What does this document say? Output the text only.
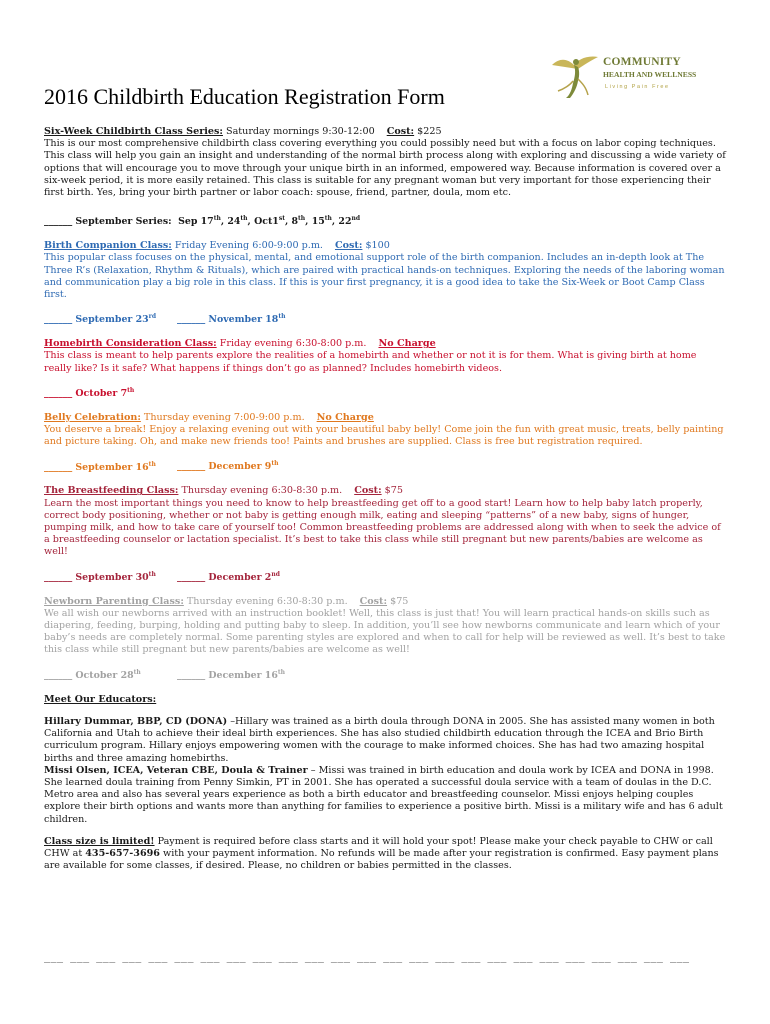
COMMUNITY
HEALTH AND WELLNESS
Living Pain Free
2016 Childbirth Education Registration Form

Six-Week Childbirth Class Series: Saturday mornings 9:30-12:00 Cost: $225

This is our most comprehensive childbirth class covering everything you could possibly need but with a focus on labor coping techniques. This class will help you gain an insight and understanding of the normal birth process along with exploring and discussing a wide variety of options that will encourage you to move through your unique birth in an informed, empowered way. Because information is covered over a six-week period, it is more easily retained. This class is suitable for any pregnant woman but very important for those experiencing their first birth. Yes, bring your birth partner or labor coach: spouse, friend, partner, doula, mom etc.

______ September Series:  Sep 17th, 24th, Oct1st, 8th, 15th, 22nd

Birth Companion Class: Friday Evening 6:00-9:00 p.m. Cost: $100

This popular class focuses on the physical, mental, and emotional support role of the birth companion. Includes an in-depth look at The Three R’s (Relaxation, Rhythm & Rituals), which are paired with practical hands-on techniques. Exploring the needs of the laboring woman and communication play a big role in this class. If this is your first pregnancy, it is a good idea to take the Six-Week or Boot Camp Class first.

______ September 23rd ______ November 18th

Homebirth Consideration Class: Friday evening 6:30-8:00 p.m. No Charge

This class is meant to help parents explore the realities of a homebirth and whether or not it is for them. What is giving birth at home really like? Is it safe? What happens if things don’t go as planned? Includes homebirth videos.

______ October 7th

Belly Celebration: Thursday evening 7:00-9:00 p.m. No Charge

You deserve a break! Enjoy a relaxing evening out with your beautiful baby belly! Come join the fun with great music, treats, belly painting and picture taking. Oh, and make new friends too! Paints and brushes are supplied. Class is free but registration required.

______ September 16th ______ December 9th

The Breastfeeding Class: Thursday evening 6:30-8:30 p.m. Cost: $75

Learn the most important things you need to know to help breastfeeding get off to a good start! Learn how to help baby latch properly, correct body positioning, whether or not baby is getting enough milk, eating and sleeping “patterns” of a new baby, signs of hunger, pumping milk, and how to take care of yourself too! Common breastfeeding problems are addressed along with when to seek the advice of a breastfeeding counselor or lactation specialist. It’s best to take this class while still pregnant but new parents/babies are welcome as well!

______ September 30th ______ December 2nd

Newborn Parenting Class: Thursday evening 6:30-8:30 p.m. Cost: $75

We all wish our newborns arrived with an instruction booklet! Well, this class is just that! You will learn practical hands-on skills such as diapering, feeding, burping, holding and putting baby to sleep. In addition, you’ll see how newborns communicate and learn which of your baby’s needs are completely normal. Some parenting styles are explored and when to call for help will be reviewed as well. It’s best to take this class while still pregnant but new parents/babies are welcome as well!

______ October 28th	______ December 16th

Meet Our Educators:

Hillary Dummar, BBP, CD (DONA) –Hillary was trained as a birth doula through DONA in 2005. She has assisted many women in both California and Utah to achieve their ideal birth experiences. She has also studied childbirth education through the ICEA and Brio Birth curriculum program. Hillary enjoys empowering women with the courage to make informed choices. She has had two amazing hospital births and three amazing homebirths.

Missi Olsen, ICEA, Veteran CBE, Doula & Trainer – Missi was trained in birth education and doula work by ICEA and DONA in 1998. She learned doula training from Penny Simkin, PT in 2001. She has operated a successful doula service with a team of doulas in the D.C. Metro area and also has several years experience as both a birth educator and breastfeeding counselor. Missi enjoys helping couples explore their birth options and wants more than anything for families to experience a positive birth. Missi is a military wife and has 6 adult children.

Class size is limited! Payment is required before class starts and it will hold your spot! Please make your check payable to CHW or call CHW at 435-657-3696 with your payment information. No refunds will be made after your registration is confirmed. Easy payment plans are available for some classes, if desired. Please, no children or babies permitted in the classes.

___ ___ ___ ___ ___ ___ ___ ___ ___ ___ ___ ___ ___ ___ ___ ___ ___ ___ ___ ___ ___ ___ ___ ___ ___
